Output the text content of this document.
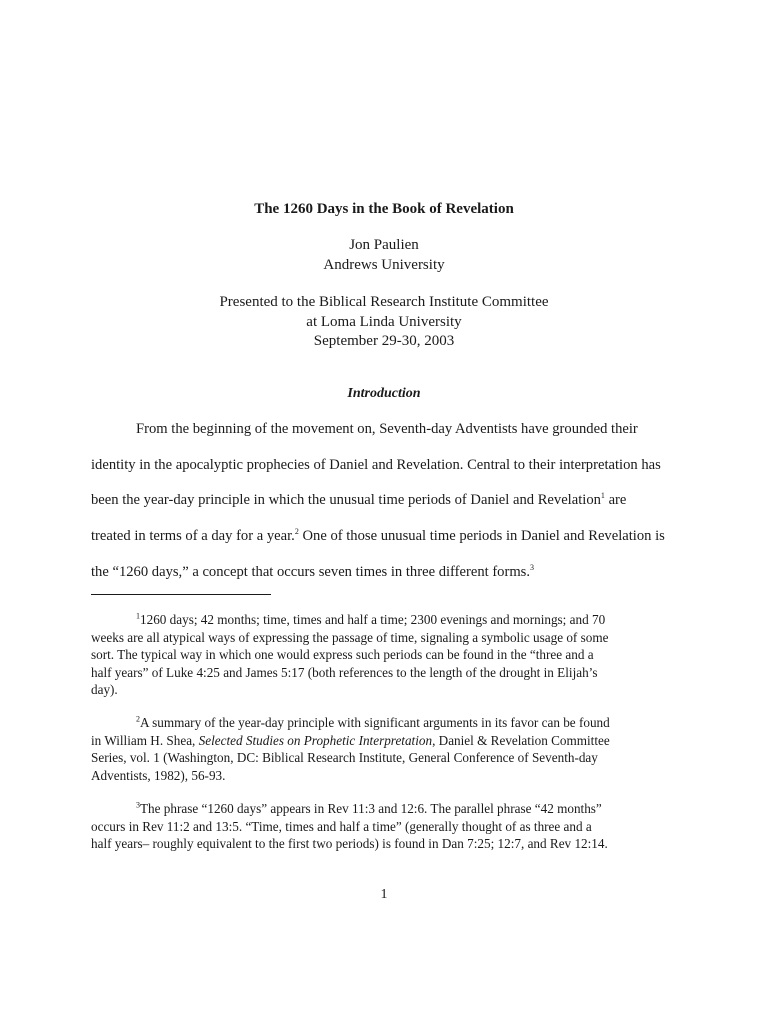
The 1260 Days in the Book of Revelation
Jon Paulien
Andrews University
Presented to the Biblical Research Institute Committee
at Loma Linda University
September 29-30, 2003
Introduction
From the beginning of the movement on, Seventh-day Adventists have grounded their
identity in the apocalyptic prophecies of Daniel and Revelation. Central to their interpretation has
been the year-day principle in which the unusual time periods of Daniel and Revelation$^1$ are
treated in terms of a day for a year.$^2$ One of those unusual time periods in Daniel and Revelation is
the “1260 days,” a concept that occurs seven times in three different forms.$^3$
$^1$1260 days; 42 months; time, times and half a time; 2300 evenings and mornings; and 70
weeks are all atypical ways of expressing the passage of time, signaling a symbolic usage of some
sort. The typical way in which one would express such periods can be found in the “three and a
half years” of Luke 4:25 and James 5:17 (both references to the length of the drought in Elijah’s
day).
$^2$A summary of the year-day principle with significant arguments in its favor can be found
in William H. Shea, Selected Studies on Prophetic Interpretation, Daniel & Revelation Committee
Series, vol. 1 (Washington, DC: Biblical Research Institute, General Conference of Seventh-day
Adventists, 1982), 56-93.
$^3$The phrase “1260 days” appears in Rev 11:3 and 12:6. The parallel phrase “42 months”
occurs in Rev 11:2 and 13:5. “Time, times and half a time” (generally thought of as three and a
half years– roughly equivalent to the first two periods) is found in Dan 7:25; 12:7, and Rev 12:14.
1
